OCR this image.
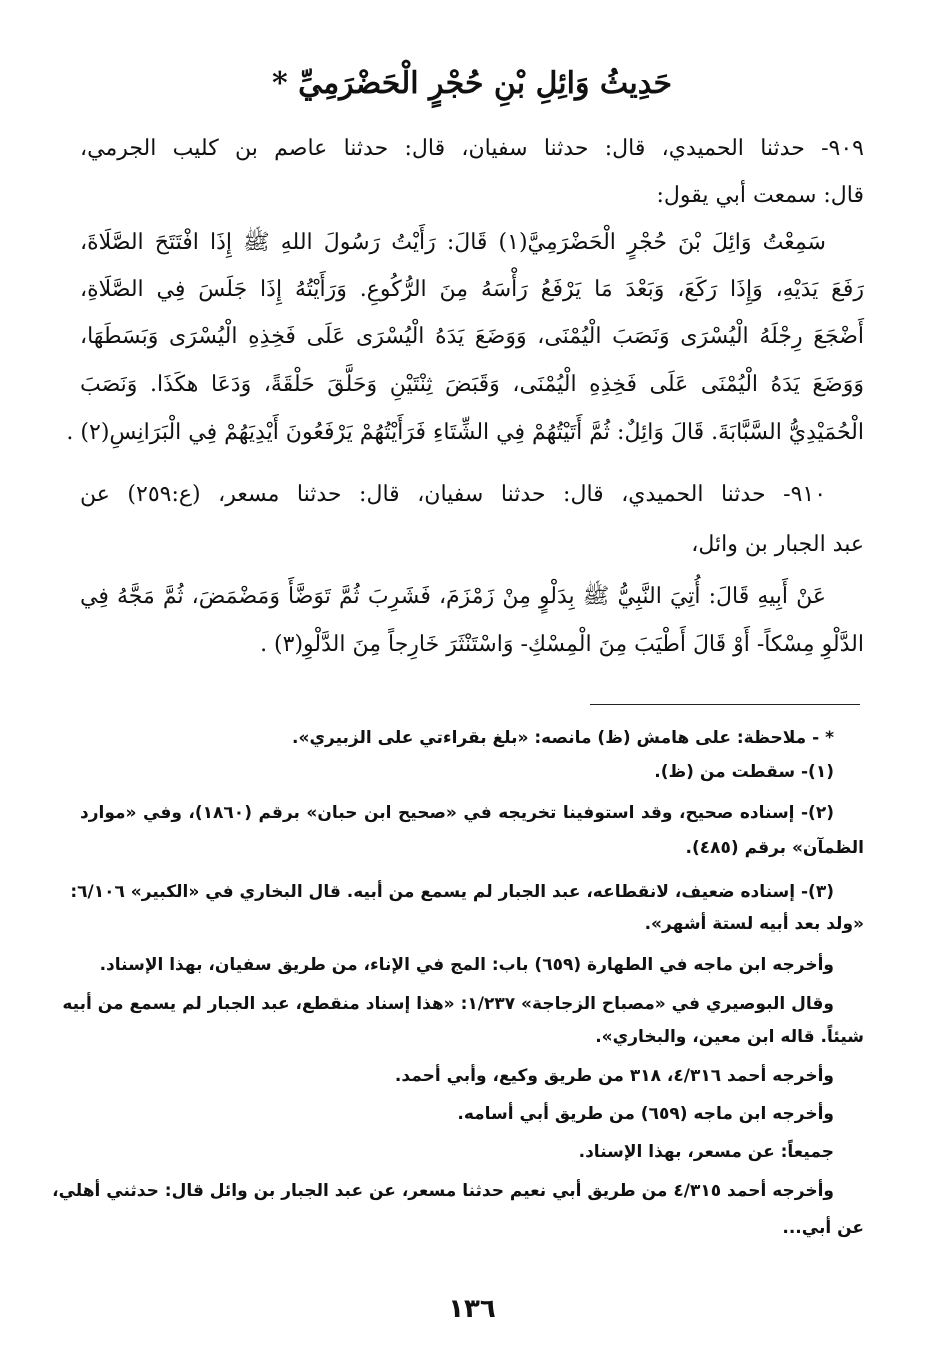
حَدِيثُ وَائِلِ بْنِ حُجْرٍ الْحَضْرَمِيِّ *
٩٠٩- حدثنا الحميدي، قال: حدثنا سفيان، قال: حدثنا عاصم بن كليب الجرمي،
قال: سمعت أبي يقول:
سَمِعْتُ وَائِلَ بْنَ حُجْرٍ الْحَضْرَمِيَّ(١) قَالَ: رَأَيْتُ رَسُولَ اللهِ ﷺ إِذَا افْتَتَحَ الصَّلَاةَ،
رَفَعَ يَدَيْهِ، وَإِذَا رَكَعَ، وَبَعْدَ مَا يَرْفَعُ رَأْسَهُ مِنَ الرُّكُوعِ. وَرَأَيْتُهُ إِذَا جَلَسَ فِي الصَّلَاةِ،
أَضْجَعَ رِجْلَهُ الْيُسْرَى وَنَصَبَ الْيُمْنَى، وَوَضَعَ يَدَهُ الْيُسْرَى عَلَى فَخِذِهِ الْيُسْرَى وَبَسَطَهَا،
وَوَضَعَ يَدَهُ الْيُمْنَى عَلَى فَخِذِهِ الْيُمْنَى، وَقَبَضَ ثِنْتَيْنِ وَحَلَّقَ حَلْقَةً، وَدَعَا هكَذَا. وَنَصَبَ
الْحُمَيْدِيُّ السَّبَّابَةَ. قَالَ وَائِلٌ: ثُمَّ أَتَيْتُهُمْ فِي الشِّتَاءِ فَرَأَيْتُهُمْ يَرْفَعُونَ أَيْدِيَهُمْ فِي الْبَرَانِسِ(٢) .
٩١٠- حدثنا الحميدي، قال: حدثنا سفيان، قال: حدثنا مسعر، (ع:٢٥٩) عن
عبد الجبار بن وائل،
عَنْ أَبِيهِ قَالَ: أُتِيَ النَّبِيُّ ﷺ بِدَلْوٍ مِنْ زَمْزَمَ، فَشَرِبَ ثُمَّ تَوَضَّأَ وَمَضْمَضَ، ثُمَّ مَجَّهُ فِي
الدَّلْوِ مِسْكاً- أَوْ قَالَ أَطْيَبَ مِنَ الْمِسْكِ- وَاسْتَنْثَرَ خَارِجاً مِنَ الدَّلْوِ(٣) .
* - ملاحظة: على هامش (ظ) مانصه: «بلغ بقراءتي على الزبيري».
(١)- سقطت من (ظ).
(٢)- إسناده صحيح، وقد استوفينا تخريجه في «صحيح ابن حبان» برقم (١٨٦٠)، وفي «موارد
الظمآن» برقم (٤٨٥).
(٣)- إسناده ضعيف، لانقطاعه، عبد الجبار لم يسمع من أبيه. قال البخاري في «الكبير» ٦/١٠٦:
«ولد بعد أبيه لستة أشهر».
وأخرجه ابن ماجه في الطهارة (٦٥٩) باب: المج في الإناء، من طريق سفيان، بهذا الإسناد.
وقال البوصيري في «مصباح الزجاجة» ١/٢٣٧: «هذا إسناد منقطع، عبد الجبار لم يسمع من أبيه
شيئاً. قاله ابن معين، والبخاري».
وأخرجه أحمد ٤/٣١٦، ٣١٨ من طريق وكيع، وأبي أحمد.
وأخرجه ابن ماجه (٦٥٩) من طريق أبي أسامه.
جميعاً: عن مسعر، بهذا الإسناد.
وأخرجه أحمد ٤/٣١٥ من طريق أبي نعيم حدثنا مسعر، عن عبد الجبار بن وائل قال: حدثني أهلي،
عن أبي...
١٣٦
